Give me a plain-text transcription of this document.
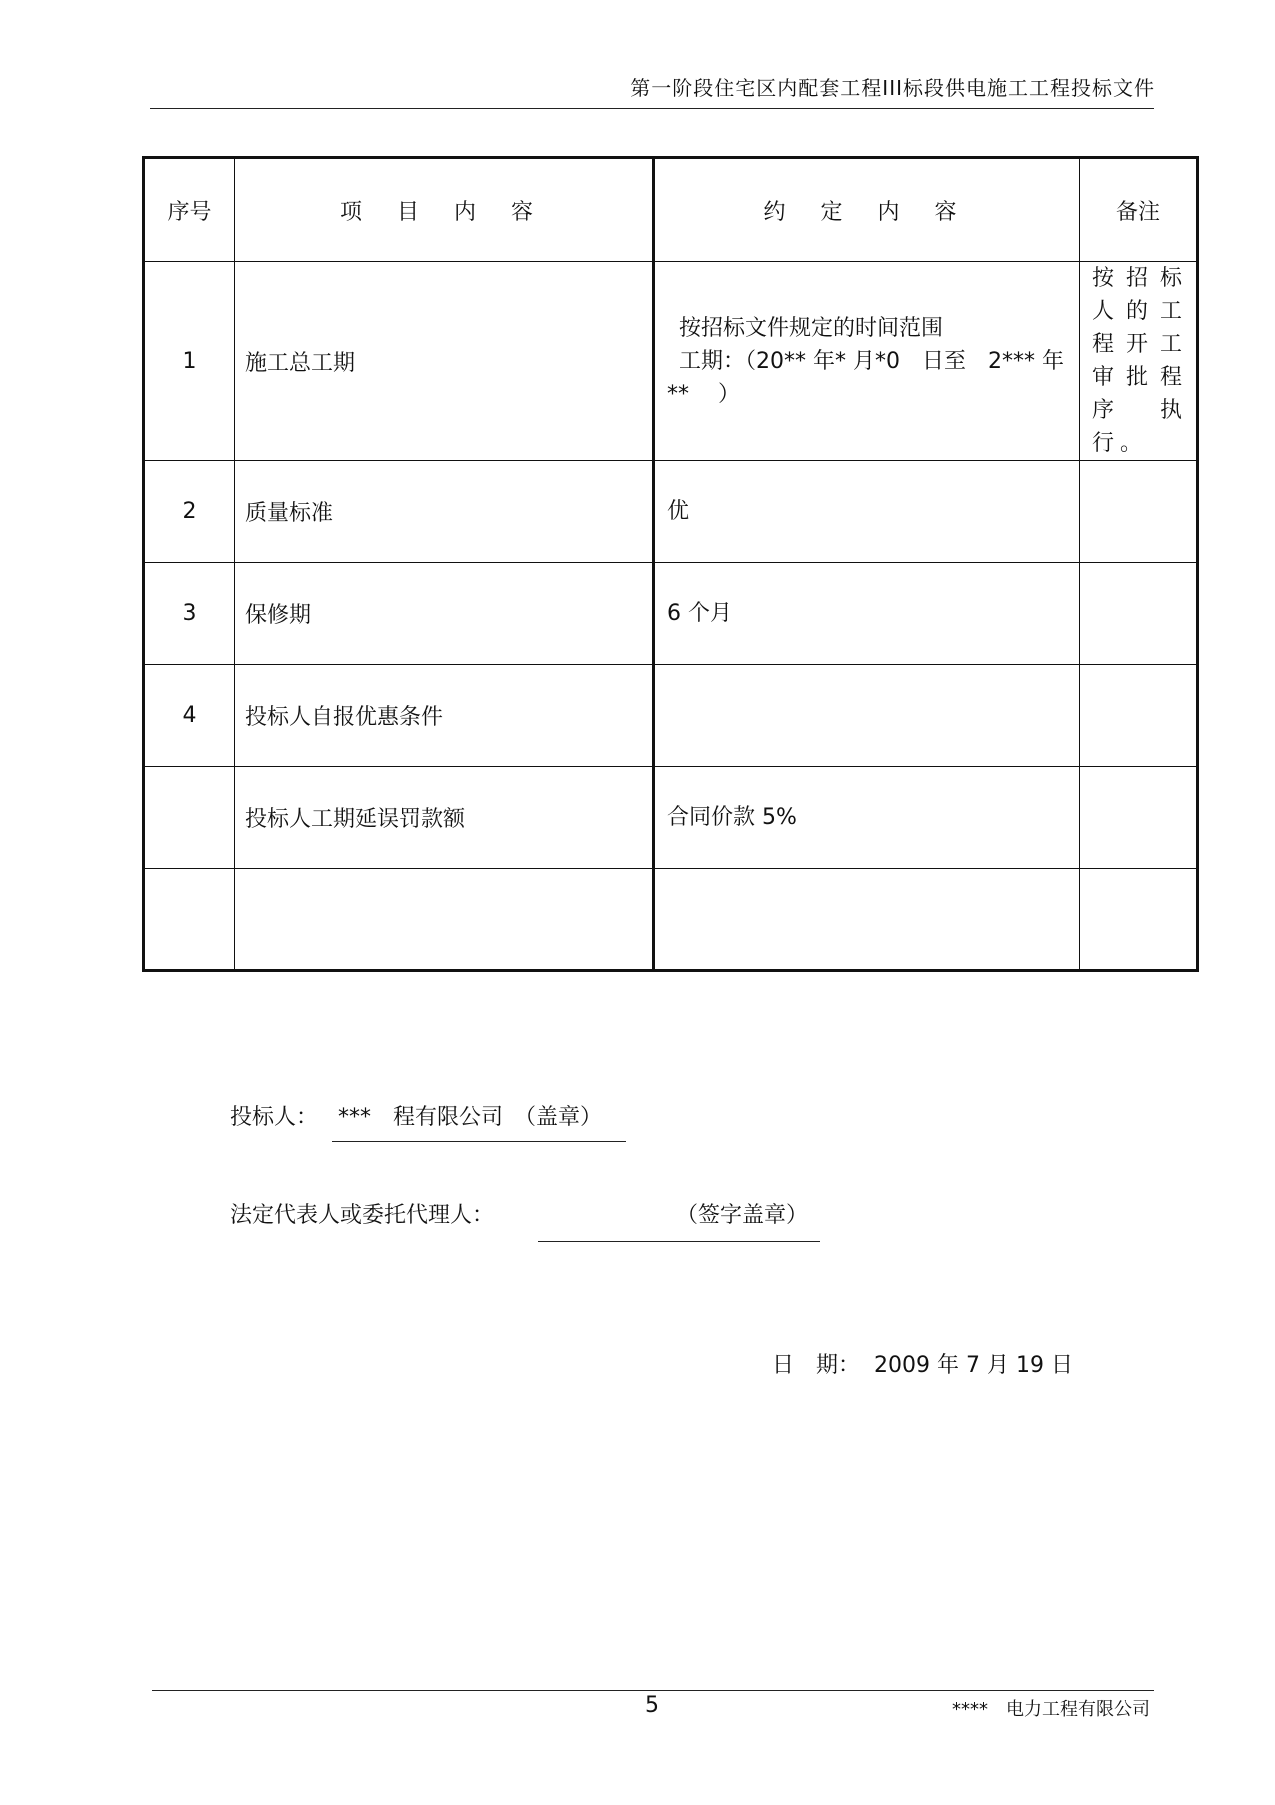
第一阶段住宅区内配套工程III标段供电施工工程投标文件
序号	项 目 内 容	约 定 内 容	备注
1	施工总工期	按招标文件规定的时间范围
工期：（20** 年* 月*0　日至　2*** 年
**　 ）	按招标人的工程开工审批程序执行。

2	质量标准	优	
3	保修期	6 个月	
4	投标人自报优惠条件		
	投标人工期延误罚款额	合同价款 5%	

投标人： ***　程有限公司　（盖章）
法定代表人或委托代理人：	（签字盖章）
日　期： 2009 年 7 月 19 日
5	****　电力工程有限公司
